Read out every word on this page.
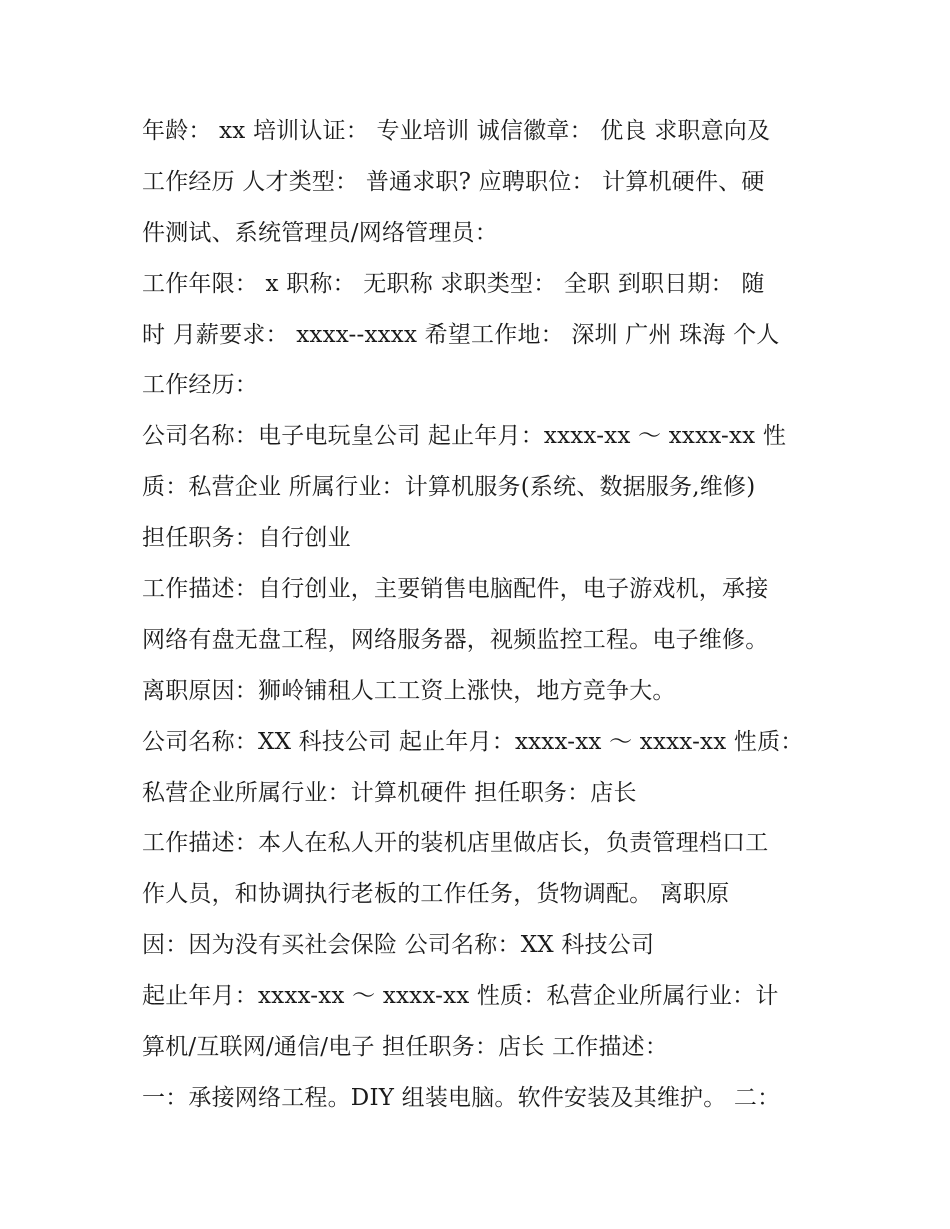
年龄： xx 培训认证： 专业培训 诚信徽章： 优良 求职意向及
工作经历 人才类型： 普通求职? 应聘职位： 计算机硬件、硬
件测试、系统管理员/网络管理员：
工作年限： x 职称： 无职称 求职类型： 全职 到职日期： 随
时 月薪要求： xxxx--xxxx 希望工作地： 深圳 广州 珠海 个人
工作经历：
公司名称：电子电玩皇公司 起止年月：xxxx-xx ～ xxxx-xx 性
质：私营企业 所属行业：计算机服务(系统、数据服务,维修)
担任职务：自行创业
工作描述：自行创业，主要销售电脑配件，电子游戏机，承接
网络有盘无盘工程，网络服务器，视频监控工程。电子维修。
离职原因：狮岭铺租人工工资上涨快，地方竞争大。
公司名称：XX 科技公司 起止年月：xxxx-xx ～ xxxx-xx 性质：
私营企业所属行业：计算机硬件 担任职务：店长
工作描述：本人在私人开的装机店里做店长，负责管理档口工
作人员，和协调执行老板的工作任务，货物调配。 离职原
因：因为没有买社会保险 公司名称：XX 科技公司
起止年月：xxxx-xx ～ xxxx-xx 性质：私营企业所属行业：计
算机/互联网/通信/电子 担任职务：店长 工作描述：
一：承接网络工程。DIY 组装电脑。软件安装及其维护。 二：
